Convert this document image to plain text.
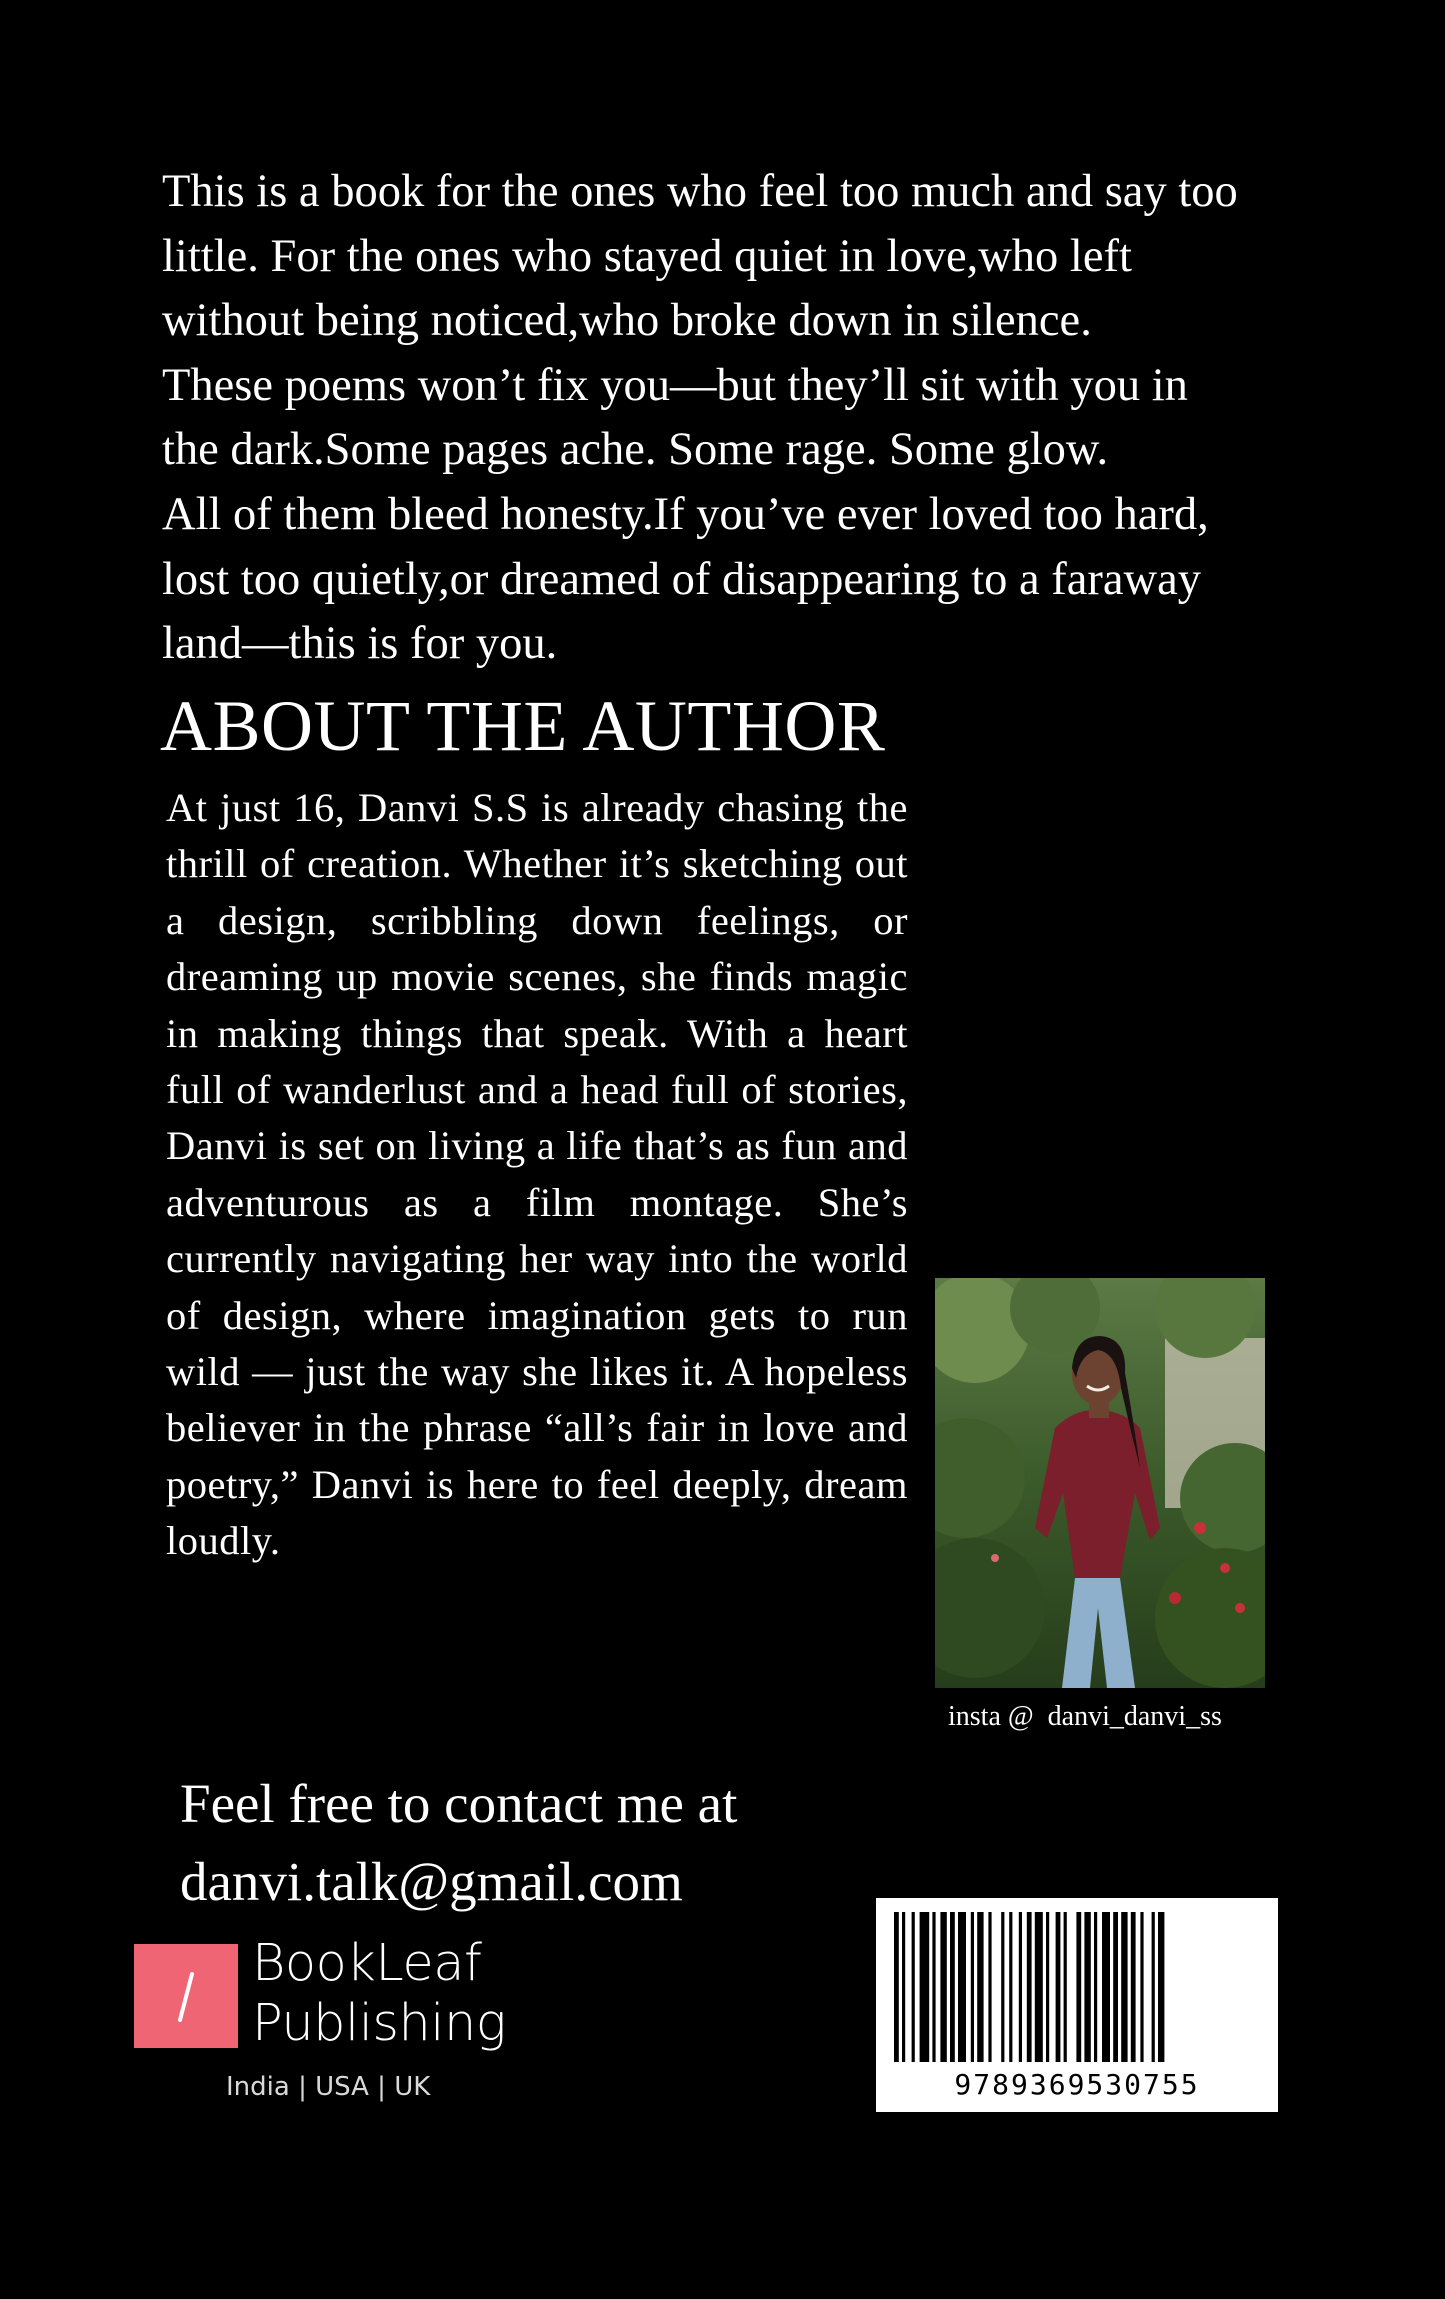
This is a book for the ones who feel too much and say too
little. For the ones who stayed quiet in love,who left
without being noticed,who broke down in silence.
These poems won’t fix you—but they’ll sit with you in
the dark.Some pages ache. Some rage. Some glow.
All of them bleed honesty.If you’ve ever loved too hard,
lost too quietly,or dreamed of disappearing to a faraway
land—this is for you.
ABOUT THE AUTHOR

At just 16, Danvi S.S is already chasing the thrill of creation. Whether it’s sketching out a design, scribbling down feelings, or dreaming up movie scenes, she finds magic in making things that speak. With a heart full of wanderlust and a head full of stories, Danvi is set on living a life that’s as fun and adventurous as a film montage. She’s currently navigating her way into the world of design, where imagination gets to run wild — just the way she likes it. A hopeless believer in the phrase “all’s fair in love and poetry,” Danvi is here to feel deeply, dream loudly.

insta @  danvi_danvi_ss

Feel free to contact me at
danvi.talk@gmail.com
BookLeaf
Publishing
India | USA | UK	9789369530755
